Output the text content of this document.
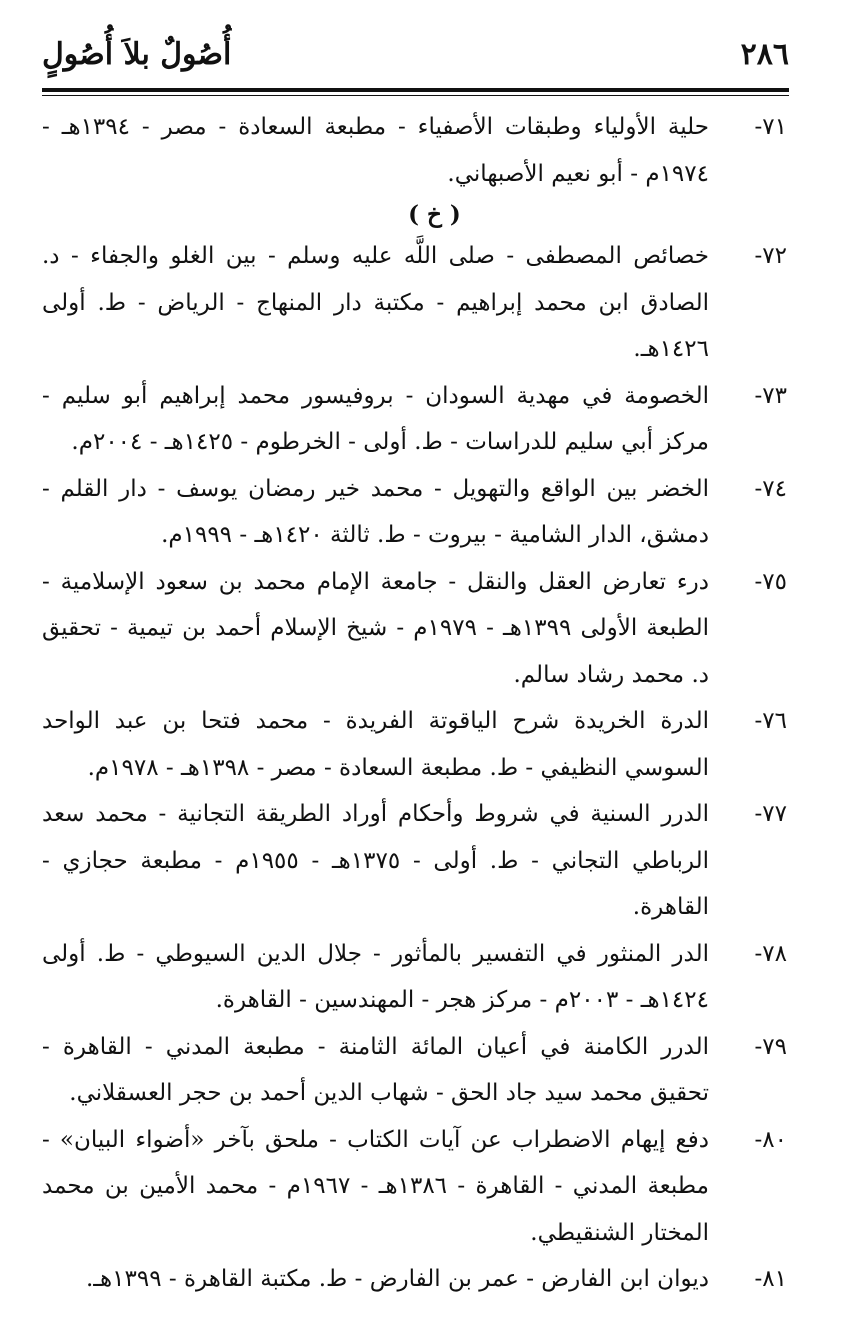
٢٨٦
أُصُولٌ بلاَ أُصُولٍ
٧١-
حلية الأولياء وطبقات الأصفياء - مطبعة السعادة - مصر - ١٣٩٤هـ - ١٩٧٤م - أبو نعيم الأصبهاني.
( خ )
٧٢-
خصائص المصطفى - صلى اللَّه عليه وسلم - بين الغلو والجفاء - د. الصادق ابن محمد إبراهيم - مكتبة دار المنهاج - الرياض - ط. أولى ١٤٢٦هـ.
٧٣-
الخصومة في مهدية السودان - بروفيسور محمد إبراهيم أبو سليم - مركز أبي سليم للدراسات - ط. أولى - الخرطوم - ١٤٢٥هـ - ٢٠٠٤م.
٧٤-
الخضر بين الواقع والتهويل - محمد خير رمضان يوسف - دار القلم - دمشق، الدار الشامية - بيروت - ط. ثالثة ١٤٢٠هـ - ١٩٩٩م.
٧٥-
درء تعارض العقل والنقل - جامعة الإمام محمد بن سعود الإسلامية - الطبعة الأولى ١٣٩٩هـ - ١٩٧٩م - شيخ الإسلام أحمد بن تيمية - تحقيق د. محمد رشاد سالم.
٧٦-
الدرة الخريدة شرح الياقوتة الفريدة - محمد فتحا بن عبد الواحد السوسي النظيفي - ط. مطبعة السعادة - مصر - ١٣٩٨هـ - ١٩٧٨م.
٧٧-
الدرر السنية في شروط وأحكام أوراد الطريقة التجانية - محمد سعد الرباطي التجاني - ط. أولى - ١٣٧٥هـ - ١٩٥٥م - مطبعة حجازي - القاهرة.
٧٨-
الدر المنثور في التفسير بالمأثور - جلال الدين السيوطي - ط. أولى ١٤٢٤هـ - ٢٠٠٣م - مركز هجر - المهندسين - القاهرة.
٧٩-
الدرر الكامنة في أعيان المائة الثامنة - مطبعة المدني - القاهرة - تحقيق محمد سيد جاد الحق - شهاب الدين أحمد بن حجر العسقلاني.
٨٠-
دفع إيهام الاضطراب عن آيات الكتاب - ملحق بآخر «أضواء البيان» - مطبعة المدني - القاهرة - ١٣٨٦هـ - ١٩٦٧م - محمد الأمين بن محمد المختار الشنقيطي.
٨١-
ديوان ابن الفارض - عمر بن الفارض - ط. مكتبة القاهرة - ١٣٩٩هـ.
